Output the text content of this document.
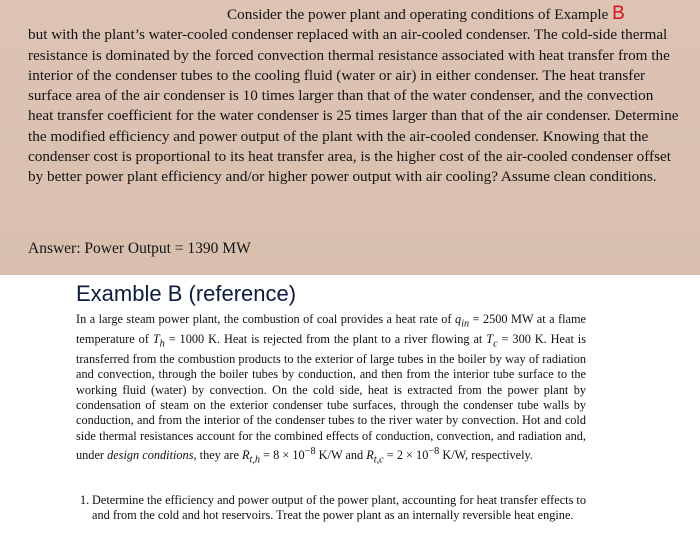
Consider the power plant and operating conditions of Example B
but with the plant’s water-cooled condenser replaced with an air-cooled condenser. The cold-side thermal resistance is dominated by the forced convection thermal resistance associated with heat transfer from the interior of the condenser tubes to the cooling fluid (water or air) in either condenser. The heat transfer surface area of the air condenser is 10 times larger than that of the water condenser, and the convection heat transfer coefficient for the water condenser is 25 times larger than that of the air condenser. Determine the modified efficiency and power output of the plant with the air-cooled condenser. Knowing that the condenser cost is proportional to its heat transfer area, is the higher cost of the air-cooled condenser offset by better power plant efficiency and/or higher power output with air cooling? Assume clean conditions.
Answer: Power Output = 1390 MW
Examble B (reference)
In a large steam power plant, the combustion of coal provides a heat rate of $q_{in} = 2500$ MW at a flame temperature of $T_h = 1000$ K. Heat is rejected from the plant to a river flowing at $T_c = 300$ K. Heat is transferred from the combustion products to the exterior of large tubes in the boiler by way of radiation and convection, through the boiler tubes by conduction, and then from the interior tube surface to the working fluid (water) by convection. On the cold side, heat is extracted from the power plant by condensation of steam on the exterior condenser tube surfaces, through the condenser tube walls by conduction, and from the interior of the condenser tubes to the river water by convection. Hot and cold side thermal resistances account for the combined effects of conduction, convection, and radiation and, under design conditions, they are $R_{t,h} = 8 \times 10^{-8}$ K/W and $R_{t,c} = 2 \times 10^{-8}$ K/W, respectively.
1. Determine the efficiency and power output of the power plant, accounting for heat transfer effects to and from the cold and hot reservoirs. Treat the power plant as an internally reversible heat engine.
